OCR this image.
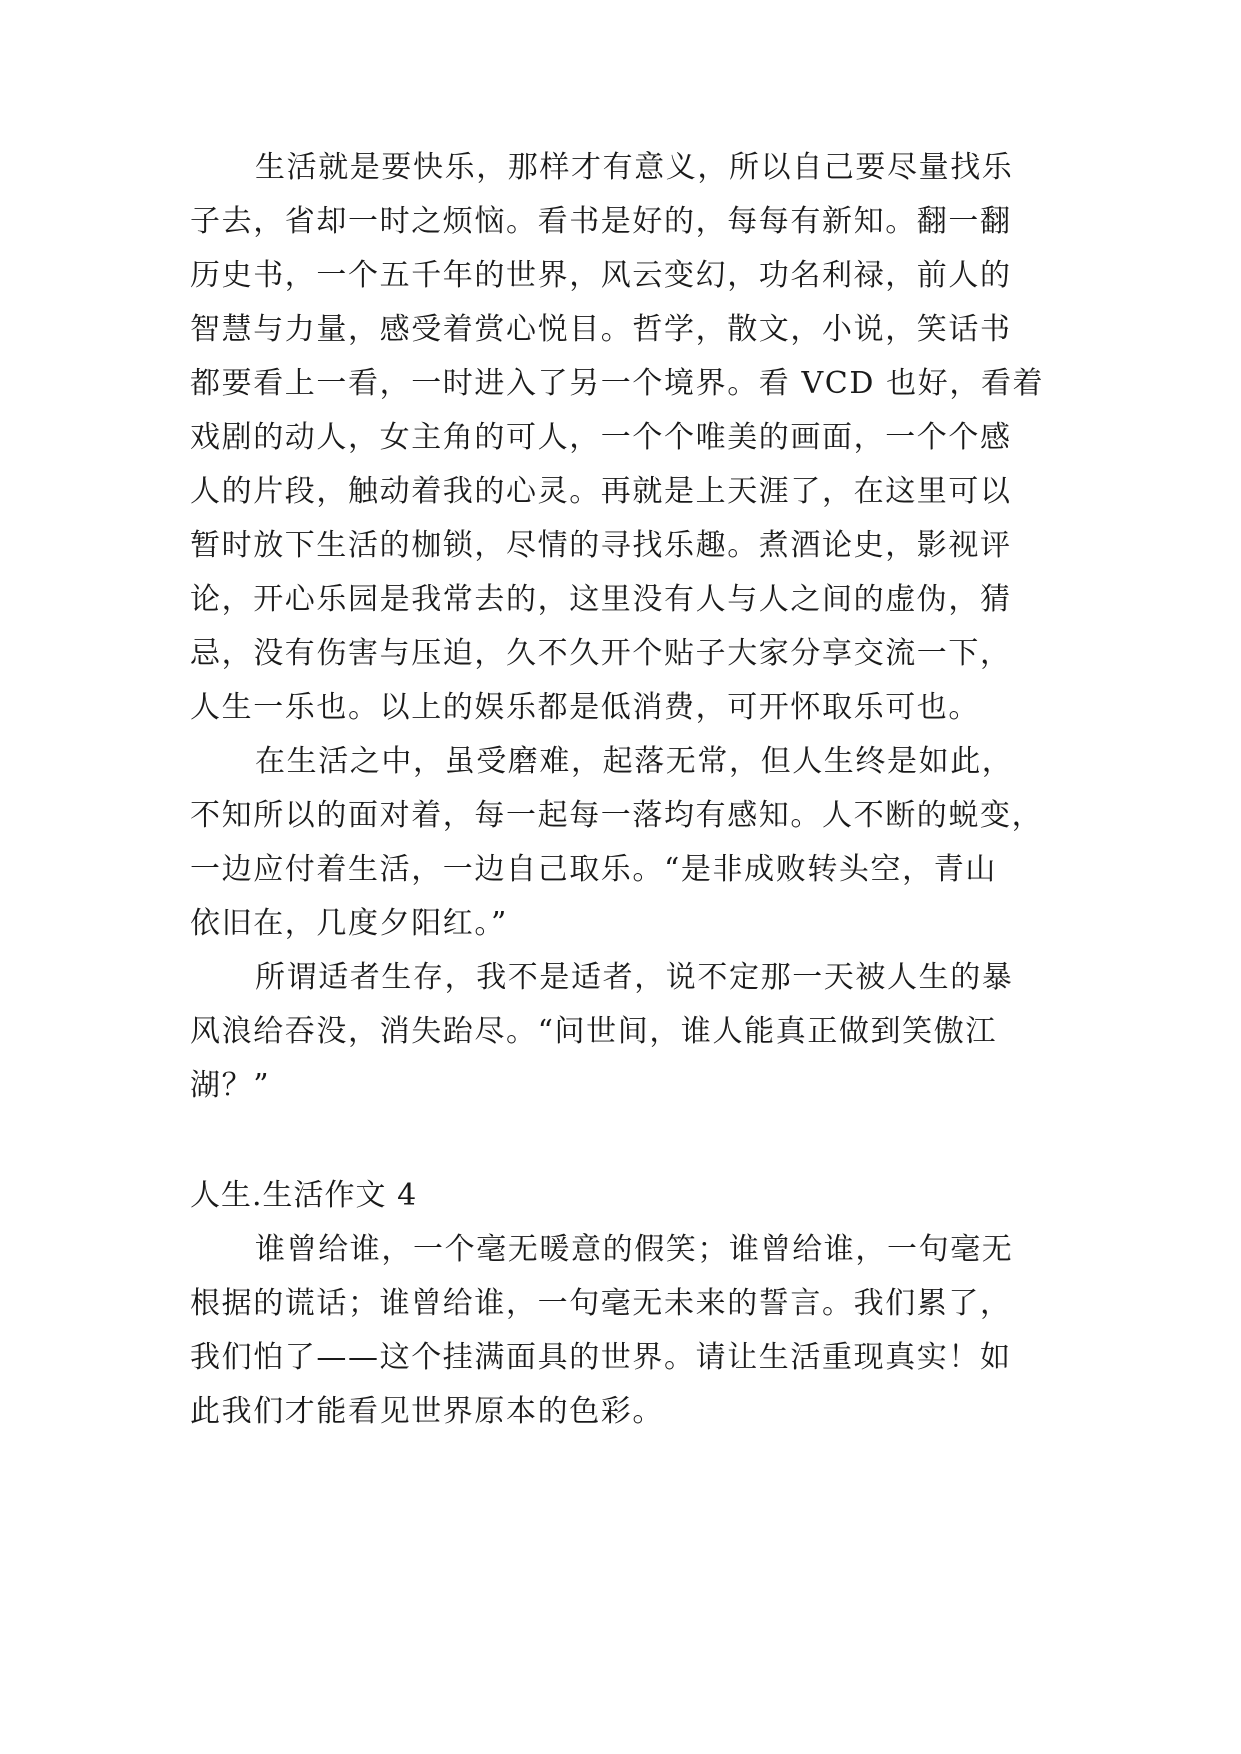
生活就是要快乐，那样才有意义，所以自己要尽量找乐
子去，省却一时之烦恼。看书是好的，每每有新知。翻一翻
历史书，一个五千年的世界，风云变幻，功名利禄，前人的
智慧与力量，感受着赏心悦目。哲学，散文，小说，笑话书
都要看上一看，一时进入了另一个境界。看 VCD 也好，看着
戏剧的动人，女主角的可人，一个个唯美的画面，一个个感
人的片段，触动着我的心灵。再就是上天涯了，在这里可以
暂时放下生活的枷锁，尽情的寻找乐趣。煮酒论史，影视评
论，开心乐园是我常去的，这里没有人与人之间的虚伪，猜
忌，没有伤害与压迫，久不久开个贴子大家分享交流一下，
人生一乐也。以上的娱乐都是低消费，可开怀取乐可也。
在生活之中，虽受磨难，起落无常，但人生终是如此，
不知所以的面对着，每一起每一落均有感知。人不断的蜕变，
一边应付着生活，一边自己取乐。“是非成败转头空，青山
依旧在，几度夕阳红。”
所谓适者生存，我不是适者，说不定那一天被人生的暴
风浪给吞没，消失跆尽。“问世间，谁人能真正做到笑傲江
湖？”
人生.生活作文 4
谁曾给谁，一个毫无暖意的假笑；谁曾给谁，一句毫无
根据的谎话；谁曾给谁，一句毫无未来的誓言。我们累了，
我们怕了——这个挂满面具的世界。请让生活重现真实！如
此我们才能看见世界原本的色彩。
